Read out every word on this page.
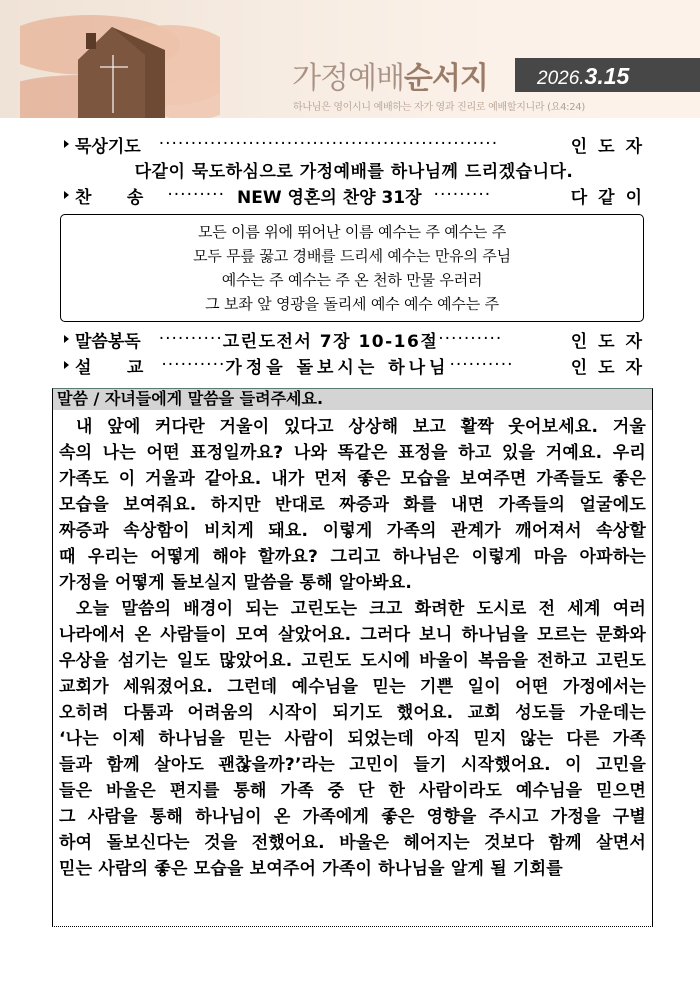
가정예배순서지	2026.3.15
하나님은 영이시니 예배하는 자가 영과 진리로 예배할지니라 (요4:24)
묵상기도 ·····················································	인도자
다같이 묵도하심으로 가정예배를 하나님께 드리겠습니다.
찬      송 ········· NEW 영혼의 찬양 31장 ·········	다같이
모든 이름 위에 뛰어난 이름 예수는 주 예수는 주
모두 무릎 꿇고 경배를 드리세 예수는 만유의 주님
예수는 주 예수는 주 온 천하 만물 우러러
그 보좌 앞 영광을 돌리세 예수 예수 예수는 주
말씀봉독 ·········· 고린도전서 7장 10-16절 ··········	인도자
설      교 ·········· 가정을 돌보시는 하나님 ··········	인도자
말씀 / 자녀들에게 말씀을 들려주세요.
내 앞에 커다란 거울이 있다고 상상해 보고 활짝 웃어보세요. 거울
속의 나는 어떤 표정일까요? 나와 똑같은 표정을 하고 있을 거예요. 우리
가족도 이 거울과 같아요. 내가 먼저 좋은 모습을 보여주면 가족들도 좋은
모습을 보여줘요. 하지만 반대로 짜증과 화를 내면 가족들의 얼굴에도
짜증과 속상함이 비치게 돼요. 이렇게 가족의 관계가 깨어져서 속상할
때 우리는 어떻게 해야 할까요? 그리고 하나님은 이렇게 마음 아파하는
가정을 어떻게 돌보실지 말씀을 통해 알아봐요.
오늘 말씀의 배경이 되는 고린도는 크고 화려한 도시로 전 세계 여러
나라에서 온 사람들이 모여 살았어요. 그러다 보니 하나님을 모르는 문화와
우상을 섬기는 일도 많았어요. 고린도 도시에 바울이 복음을 전하고 고린도
교회가 세워졌어요. 그런데 예수님을 믿는 기쁜 일이 어떤 가정에서는
오히려 다툼과 어려움의 시작이 되기도 했어요. 교회 성도들 가운데는
‘나는 이제 하나님을 믿는 사람이 되었는데 아직 믿지 않는 다른 가족
들과 함께 살아도 괜찮을까?’라는 고민이 들기 시작했어요. 이 고민을
들은 바울은 편지를 통해 가족 중 단 한 사람이라도 예수님을 믿으면
그 사람을 통해 하나님이 온 가족에게 좋은 영향을 주시고 가정을 구별
하여 돌보신다는 것을 전했어요. 바울은 헤어지는 것보다 함께 살면서
믿는 사람의 좋은 모습을 보여주어 가족이 하나님을 알게 될 기회를
